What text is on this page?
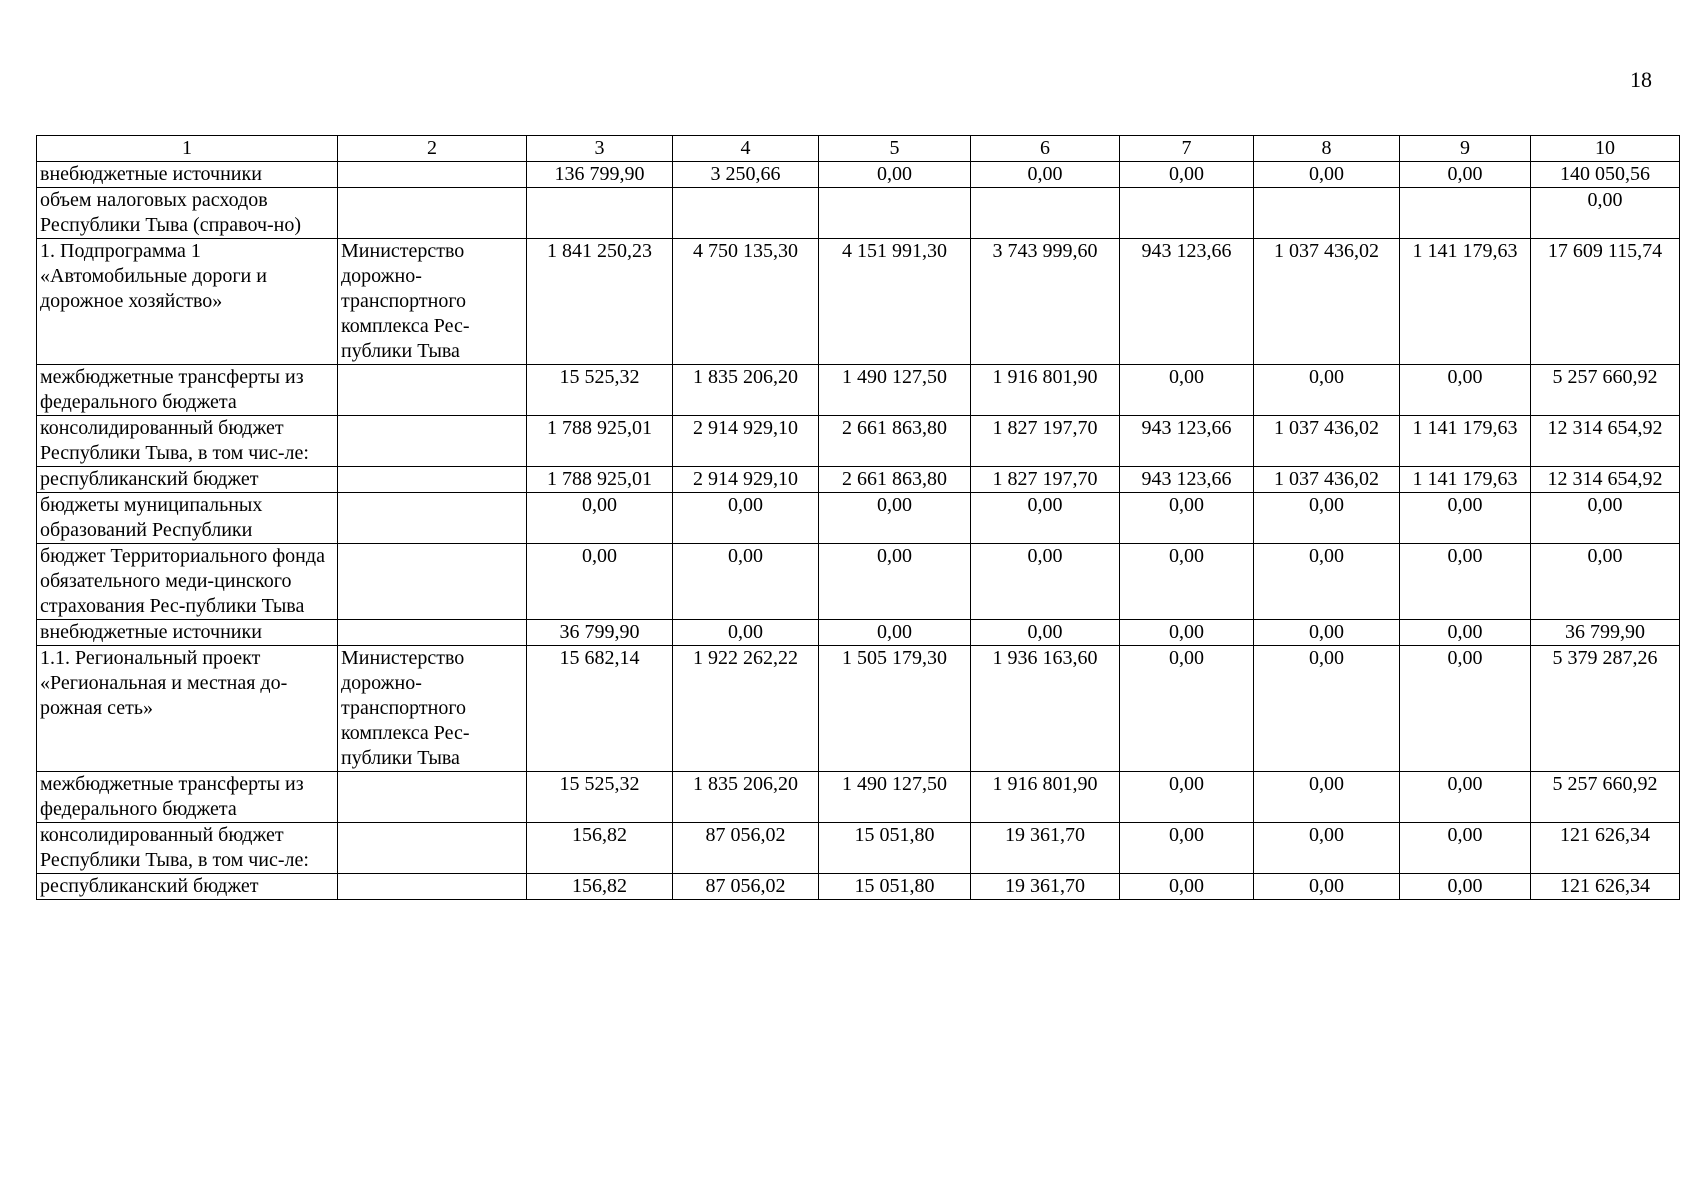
18
1	2	3	4	5	6	7	8	9	10
внебюджетные источники		136 799,90	3 250,66	0,00	0,00	0,00	0,00	0,00	140 050,56
объем налоговых расходов Республики Тыва (справоч-но)									0,00
1. Подпрограмма 1 «Автомобильные дороги и дорожное хозяйство»	Министерство дорожно-транспортного комплекса Рес-публики Тыва	1 841 250,23	4 750 135,30	4 151 991,30	3 743 999,60	943 123,66	1 037 436,02	1 141 179,63	17 609 115,74
межбюджетные трансферты из федерального бюджета		15 525,32	1 835 206,20	1 490 127,50	1 916 801,90	0,00	0,00	0,00	5 257 660,92
консолидированный бюджет Республики Тыва, в том чис-ле:		1 788 925,01	2 914 929,10	2 661 863,80	1 827 197,70	943 123,66	1 037 436,02	1 141 179,63	12 314 654,92
республиканский бюджет		1 788 925,01	2 914 929,10	2 661 863,80	1 827 197,70	943 123,66	1 037 436,02	1 141 179,63	12 314 654,92
бюджеты муниципальных образований Республики		0,00	0,00	0,00	0,00	0,00	0,00	0,00	0,00
бюджет Территориального фонда обязательного меди-цинского страхования Рес-публики Тыва		0,00	0,00	0,00	0,00	0,00	0,00	0,00	0,00
внебюджетные источники		36 799,90	0,00	0,00	0,00	0,00	0,00	0,00	36 799,90
1.1. Региональный проект «Региональная и местная до-рожная сеть»	Министерство дорожно-транспортного комплекса Рес-публики Тыва	15 682,14	1 922 262,22	1 505 179,30	1 936 163,60	0,00	0,00	0,00	5 379 287,26
межбюджетные трансферты из федерального бюджета		15 525,32	1 835 206,20	1 490 127,50	1 916 801,90	0,00	0,00	0,00	5 257 660,92
консолидированный бюджет Республики Тыва, в том чис-ле:		156,82	87 056,02	15 051,80	19 361,70	0,00	0,00	0,00	121 626,34
республиканский бюджет		156,82	87 056,02	15 051,80	19 361,70	0,00	0,00	0,00	121 626,34
